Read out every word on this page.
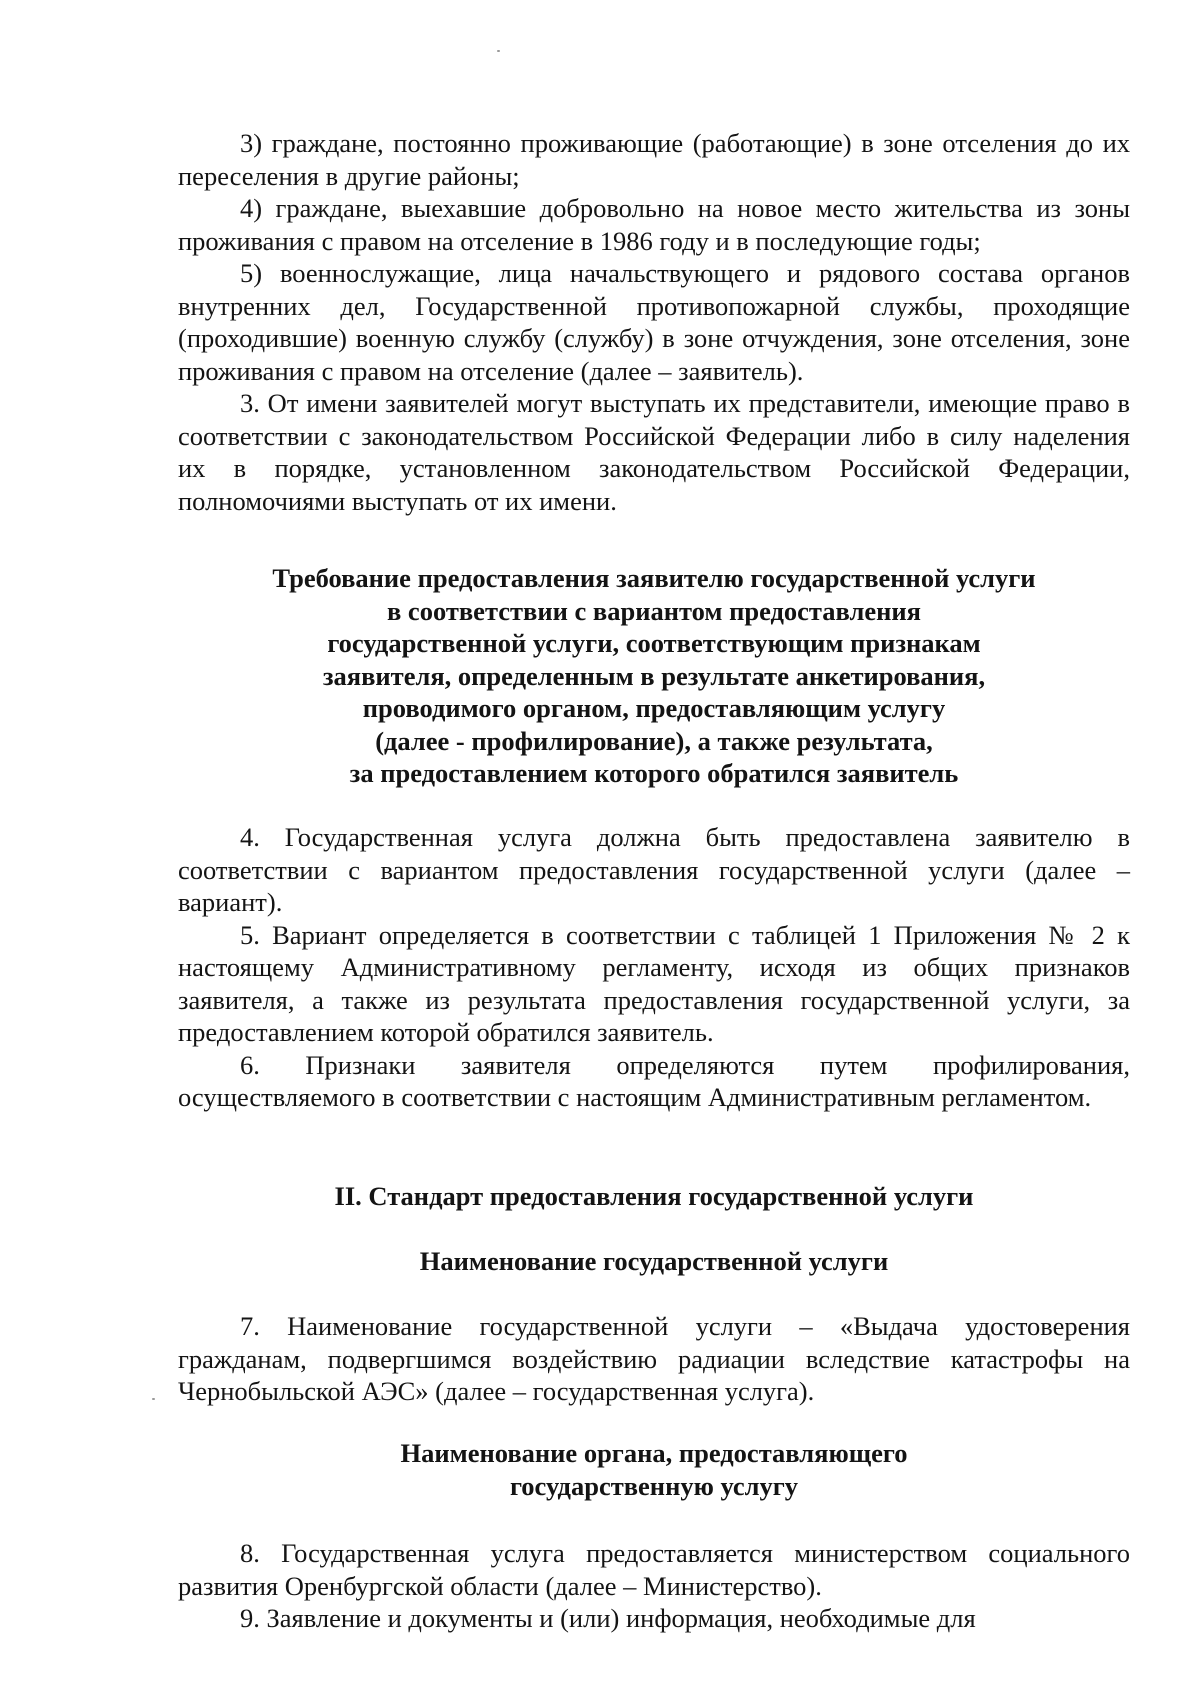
3) граждане, постоянно проживающие (работающие) в зоне отселения до их переселения в другие районы;

4) граждане, выехавшие добровольно на новое место жительства из зоны проживания с правом на отселение в 1986 году и в последующие годы;

5) военнослужащие, лица начальствующего и рядового состава органов внутренних дел, Государственной противопожарной службы, проходящие (проходившие) военную службу (службу) в зоне отчуждения, зоне отселения, зоне проживания с правом на отселение (далее – заявитель).

3. От имени заявителей могут выступать их представители, имеющие право в соответствии с законодательством Российской Федерации либо в силу наделения их в порядке, установленном законодательством Российской Федерации, полномочиями выступать от их имени.

Требование предоставления заявителю государственной услуги
в соответствии с вариантом предоставления
государственной услуги, соответствующим признакам
заявителя, определенным в результате анкетирования,
проводимого органом, предоставляющим услугу
(далее - профилирование), а также результата,
за предоставлением которого обратился заявитель

4. Государственная услуга должна быть предоставлена заявителю в соответствии с вариантом предоставления государственной услуги (далее – вариант).

5. Вариант определяется в соответствии с таблицей 1 Приложения № 2 к настоящему Административному регламенту, исходя из общих признаков заявителя, а также из результата предоставления государственной услуги, за предоставлением которой обратился заявитель.

6. Признаки заявителя определяются путем профилирования, осуществляемого в соответствии с настоящим Административным регламентом.

II. Стандарт предоставления государственной услуги
Наименование государственной услуги

7. Наименование государственной услуги – «Выдача удостоверения гражданам, подвергшимся воздействию радиации вследствие катастрофы на Чернобыльской АЭС» (далее – государственная услуга).

Наименование органа, предоставляющего
государственную услугу

8. Государственная услуга предоставляется министерством социального развития Оренбургской области (далее – Министерство).

9. Заявление и документы и (или) информация, необходимые для
